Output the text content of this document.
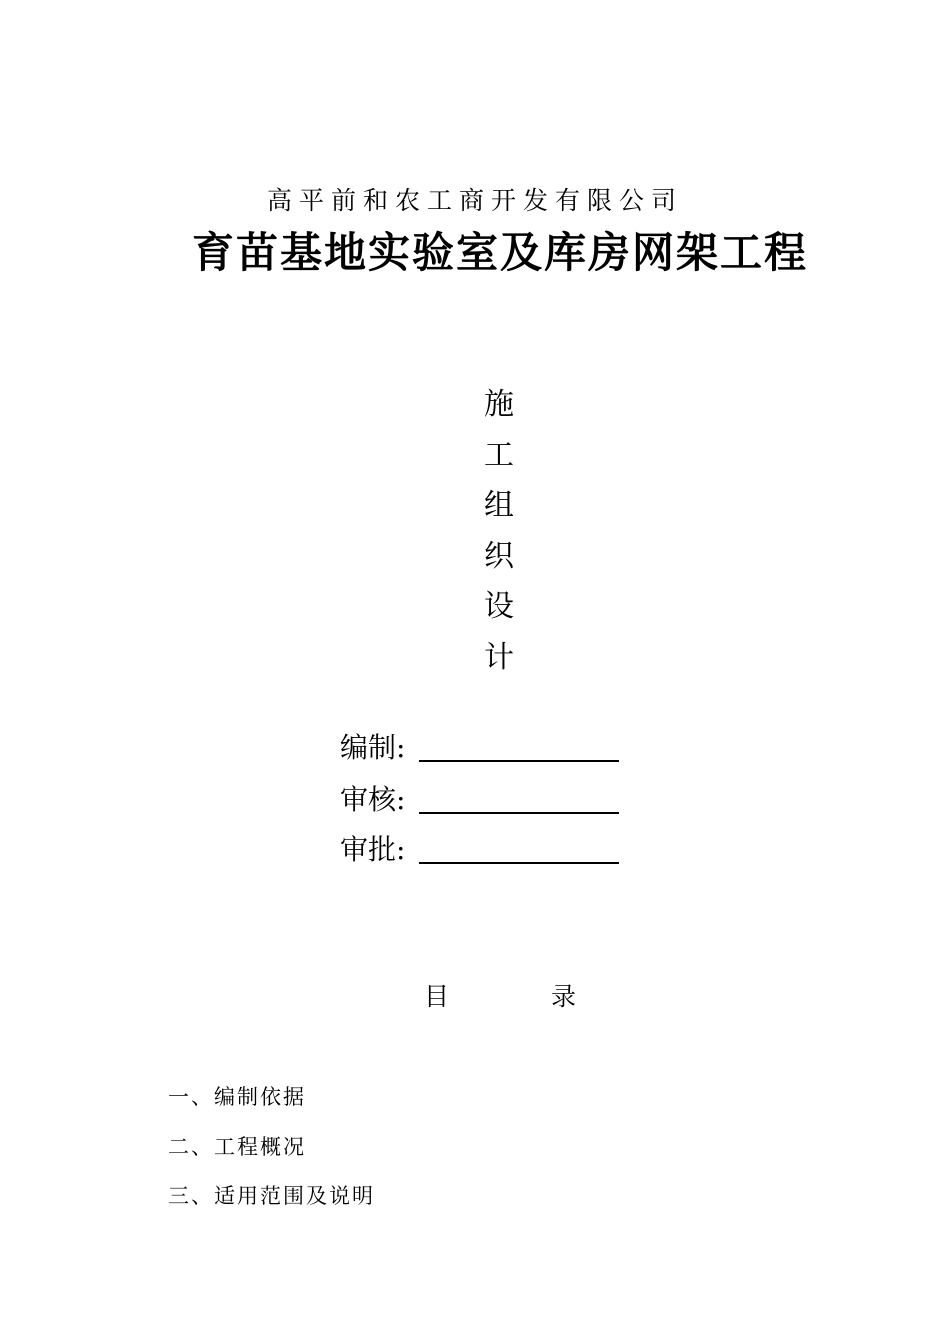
高平前和农工商开发有限公司
育苗基地实验室及库房网架工程
施
工
组
织
设
计
编制:
审核:
审批:
目	录
一、编制依据
二、工程概况
三、适用范围及说明
